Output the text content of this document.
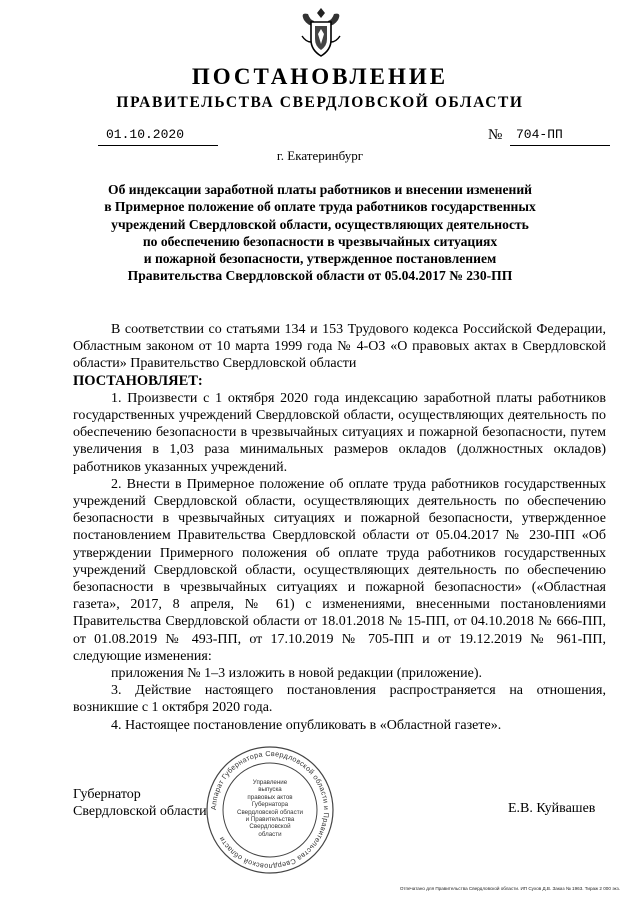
ПОСТАНОВЛЕНИЕ
ПРАВИТЕЛЬСТВА СВЕРДЛОВСКОЙ ОБЛАСТИ
01.10.2020	№ 704-ПП
г. Екатеринбург
Об индексации заработной платы работников и внесении изменений
в Примерное положение об оплате труда работников государственных
учреждений Свердловской области, осуществляющих деятельность
по обеспечению безопасности в чрезвычайных ситуациях
и пожарной безопасности, утвержденное постановлением
Правительства Свердловской области от 05.04.2017 № 230-ПП

В соответствии со статьями 134 и 153 Трудового кодекса Российской Федерации, Областным законом от 10 марта 1999 года № 4-ОЗ «О правовых актах в Свердловской области» Правительство Свердловской области

ПОСТАНОВЛЯЕТ:

1. Произвести с 1 октября 2020 года индексацию заработной платы работников государственных учреждений Свердловской области, осуществляющих деятельность по обеспечению безопасности в чрезвычайных ситуациях и пожарной безопасности, путем увеличения в 1,03 раза минимальных размеров окладов (должностных окладов) работников указанных учреждений.

2. Внести в Примерное положение об оплате труда работников государственных учреждений Свердловской области, осуществляющих деятельность по обеспечению безопасности в чрезвычайных ситуациях и пожарной безопасности, утвержденное постановлением Правительства Свердловской области от 05.04.2017 № 230-ПП «Об утверждении Примерного положения об оплате труда работников государственных учреждений Свердловской области, осуществляющих деятельность по обеспечению безопасности в чрезвычайных ситуациях и пожарной безопасности» («Областная газета», 2017, 8 апреля, № 61) с изменениями, внесенными постановлениями Правительства Свердловской области от 18.01.2018 № 15-ПП, от 04.10.2018 № 666-ПП, от 01.08.2019 № 493-ПП, от 17.10.2019 № 705-ПП и от 19.12.2019 № 961-ПП, следующие изменения:

приложения № 1–3 изложить в новой редакции (приложение).

3. Действие настоящего постановления распространяется на отношения, возникшие с 1 октября 2020 года.

4. Настоящее постановление опубликовать в «Областной газете».

Губернатор
Свердловской области	Е.В. Куйвашев
Аппарат Губернатора Свердловской области и Правительства Свердловской области
Управление
выпуска
правовых актов
Губернатора
Свердловской области
и Правительства
Свердловской
области
Отпечатано для Правительства Свердловской области. ИП Сухов Д.В. Заказ № 1963. Тираж 2 000 экз.
